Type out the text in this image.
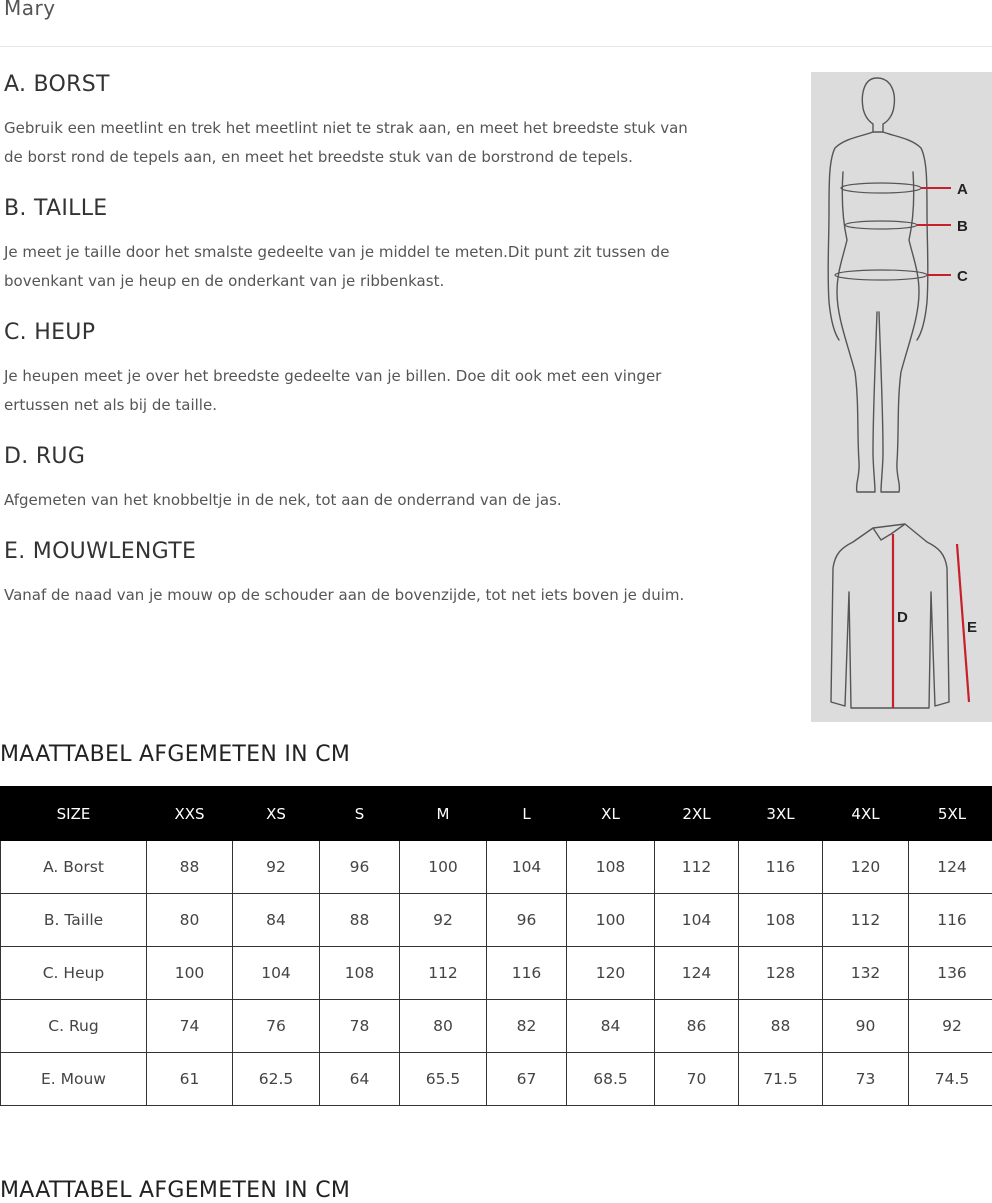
Mary
A. BORST

Gebruik een meetlint en trek het meetlint niet te strak aan, en meet het breedste stuk van de borst rond de tepels aan, en meet het breedste stuk van de borstrond de tepels.

B. TAILLE

Je meet je taille door het smalste gedeelte van je middel te meten.Dit punt zit tussen de bovenkant van je heup en de onderkant van je ribbenkast.

C. HEUP

Je heupen meet je over het breedste gedeelte van je billen. Doe dit ook met een vinger ertussen net als bij de taille.

D. RUG

Afgemeten van het knobbeltje in de nek, tot aan de onderrand van de jas.

E. MOUWLENGTE

Vanaf de naad van je mouw op de schouder aan de bovenzijde, tot net iets boven je duim.

A
B
C
D
E
MAATTABEL AFGEMETEN IN CM
SIZE	XXS	XS	S	M	L	XL	2XL	3XL	4XL	5XL
A. Borst	88	92	96	100	104	108	112	116	120	124
B. Taille	80	84	88	92	96	100	104	108	112	116
C. Heup	100	104	108	112	116	120	124	128	132	136
C. Rug	74	76	78	80	82	84	86	88	90	92
E. Mouw	61	62.5	64	65.5	67	68.5	70	71.5	73	74.5
MAATTABEL AFGEMETEN IN CM
